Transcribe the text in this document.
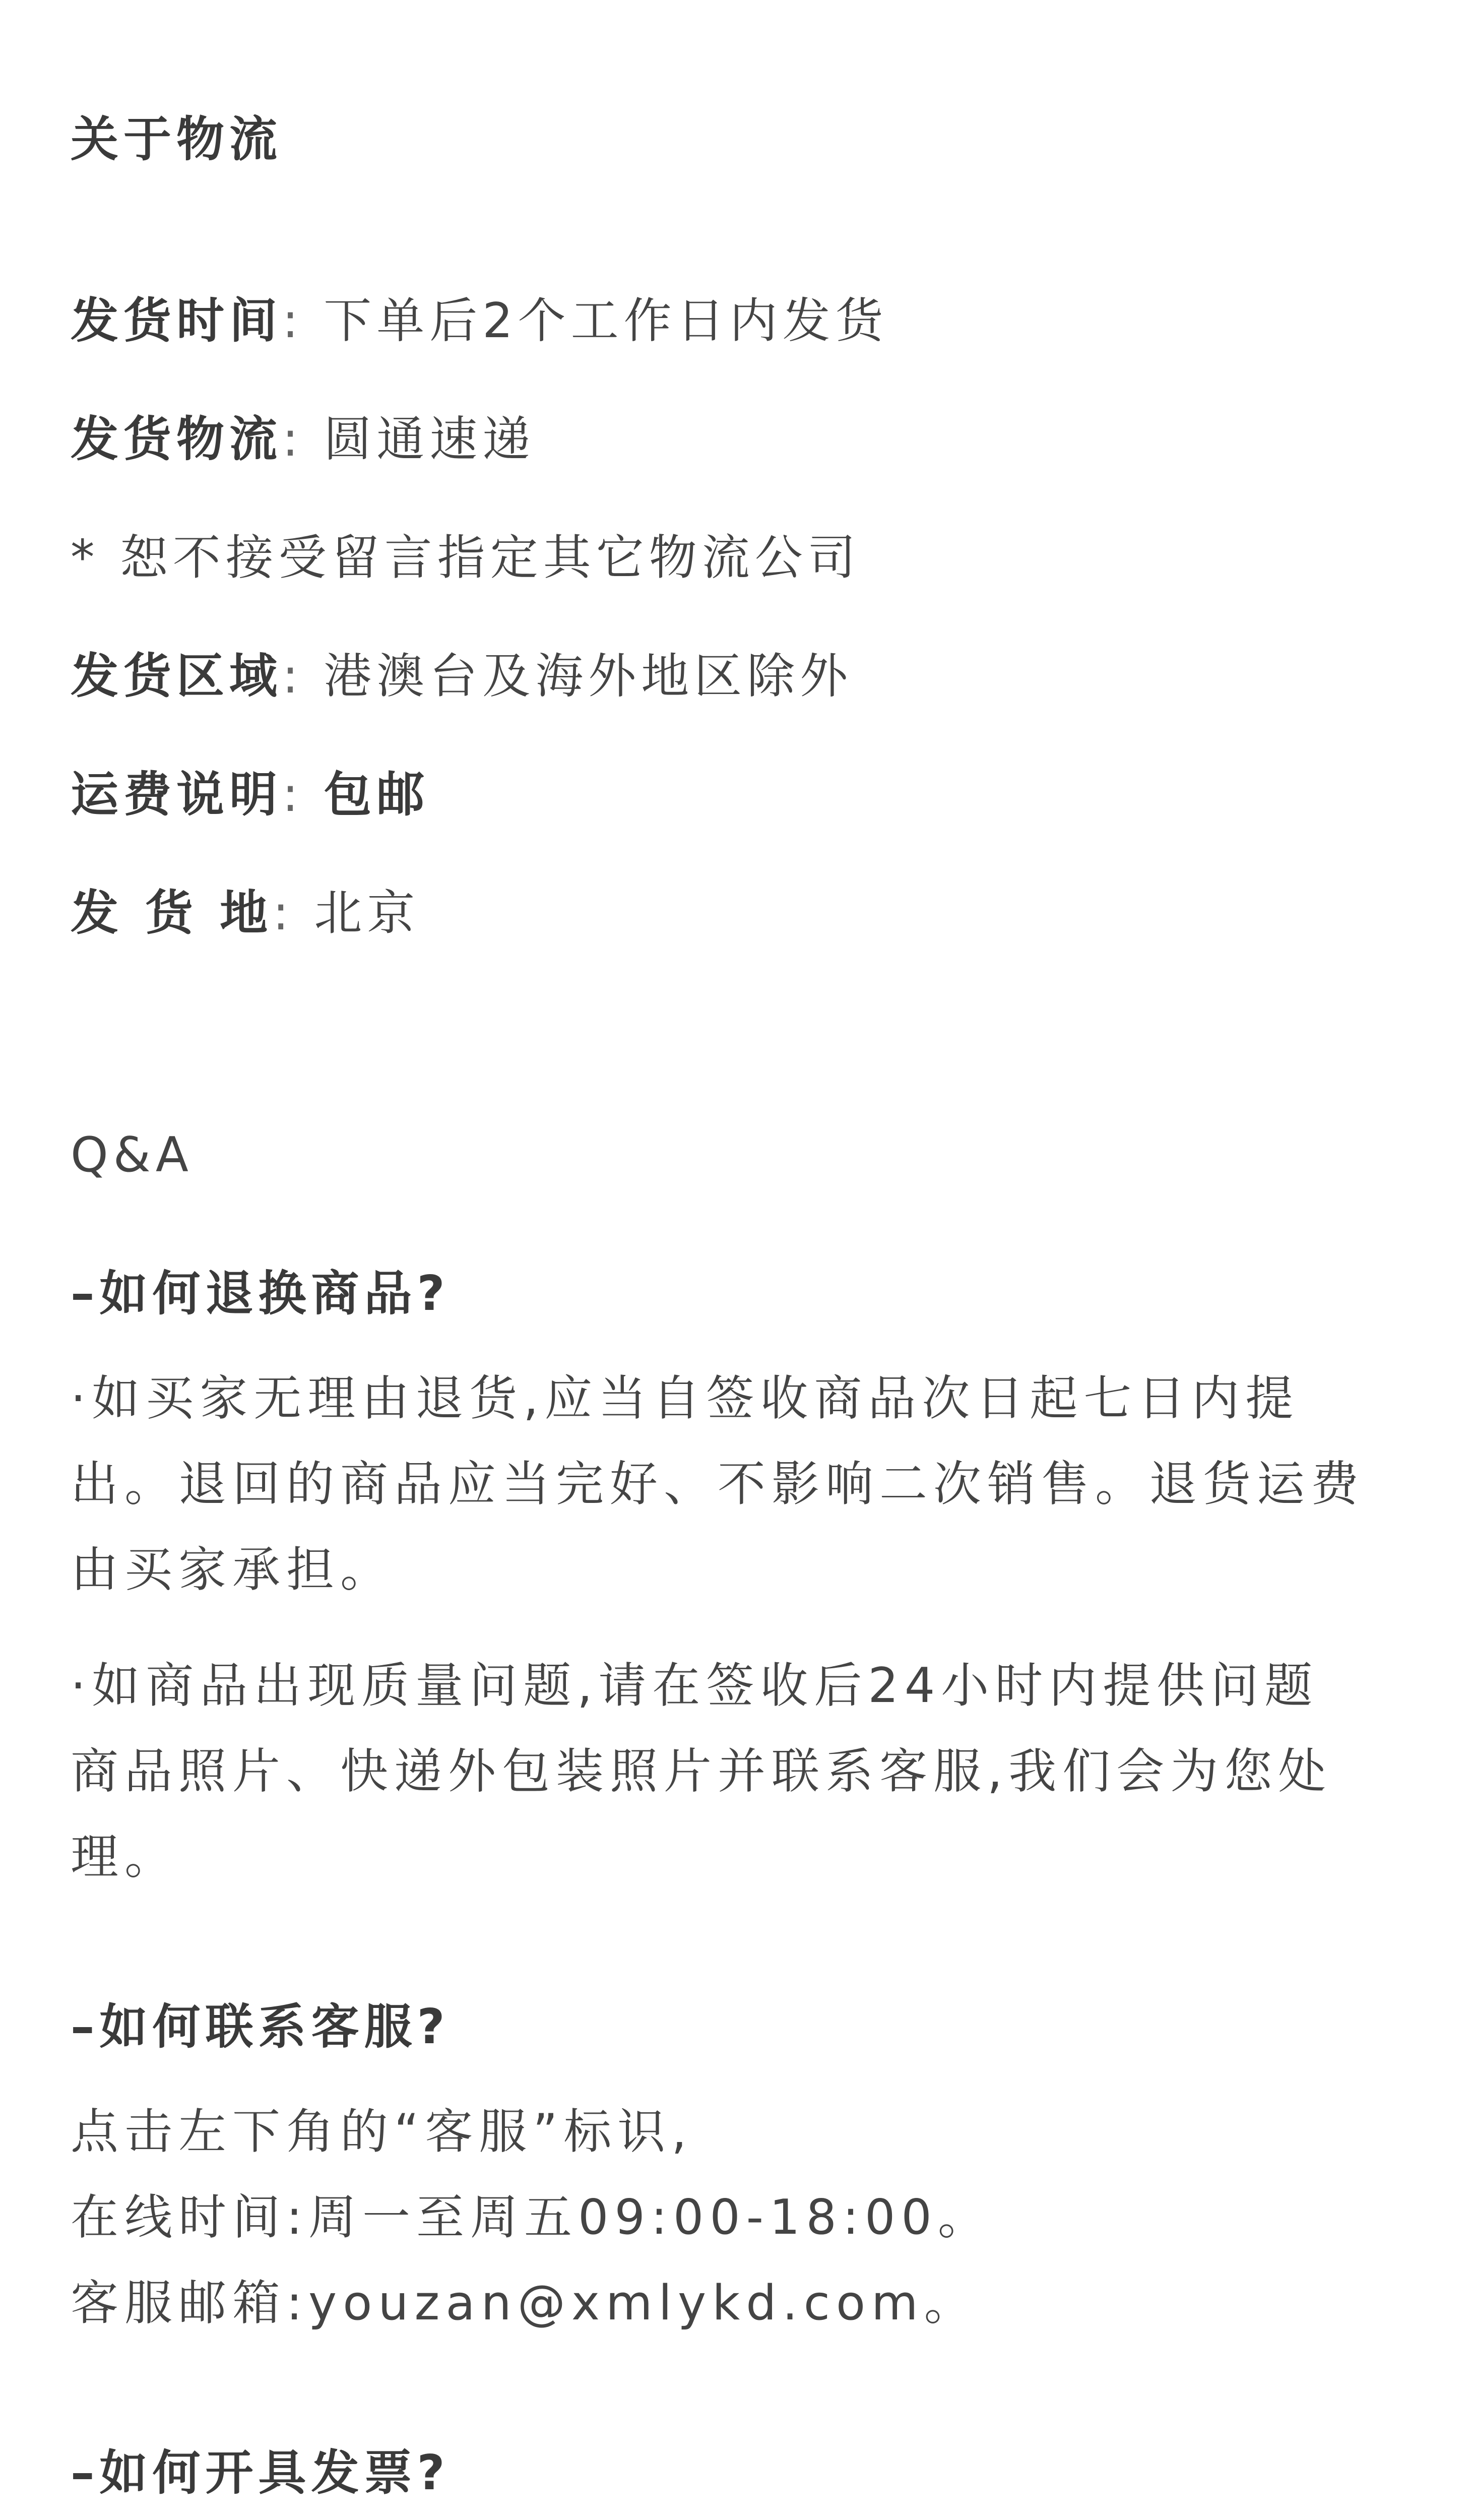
关于物流
发货时间: 下单后2个工作日内发货
发货物流: 圆通速递
* 恕不接受留言指定其它物流公司
发货区域: 港澳台及海外地区除外
运费说明: 包邮
发 货 地: 北京
Q&A
–如何退换商品?
·如买家无理由退货,应当自签收商品次日起七日内提
出。退回的商品应当完好、不影响二次销售。退货运费
由买家承担。
·如商品出现质量问题,请在签收后24小时内提供问题
商品照片、快递外包装照片并联系客服,我们会为您处
理。
–如何联系客服?
点击左下角的“客服”标识,
在线时间:周一至周五09:00-18:00。
客服邮箱:youzan@xmlykd.com。
–如何开具发票?
